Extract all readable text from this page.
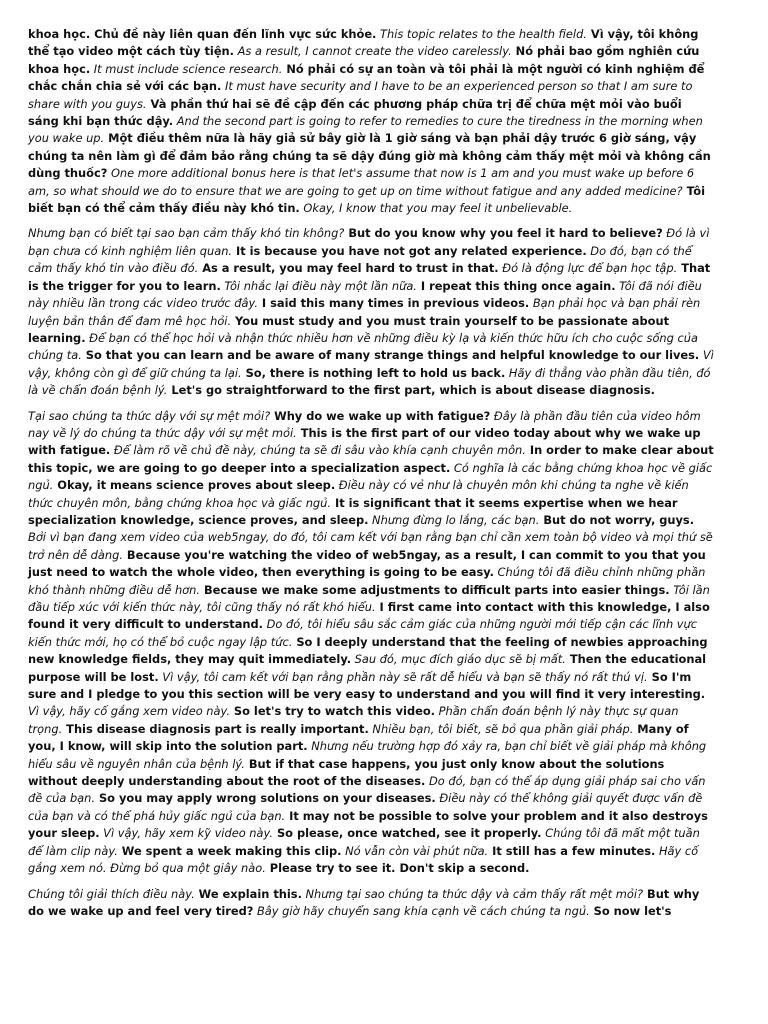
khoa học. Chủ đề này liên quan đến lĩnh vực sức khỏe. This topic relates to the health field. Vì vậy, tôi không thể tạo video một cách tùy tiện. As a result, I cannot create the video carelessly. Nó phải bao gồm nghiên cứu khoa học. It must include science research. Nó phải có sự an toàn và tôi phải là một người có kinh nghiệm để chắc chắn chia sẻ với các bạn. It must have security and I have to be an experienced person so that I am sure to share with you guys. Và phần thứ hai sẽ đề cập đến các phương pháp chữa trị để chữa mệt mỏi vào buổi sáng khi bạn thức dậy. And the second part is going to refer to remedies to cure the tiredness in the morning when you wake up. Một điều thêm nữa là hãy giả sử bây giờ là 1 giờ sáng và bạn phải dậy trước 6 giờ sáng, vậy chúng ta nên làm gì để đảm bảo rằng chúng ta sẽ dậy đúng giờ mà không cảm thấy mệt mỏi và không cần dùng thuốc? One more additional bonus here is that let's assume that now is 1 am and you must wake up before 6 am, so what should we do to ensure that we are going to get up on time without fatigue and any added medicine? Tôi biết bạn có thể cảm thấy điều này khó tin. Okay, I know that you may feel it unbelievable.

Nhưng bạn có biết tại sao bạn cảm thấy khó tin không? But do you know why you feel it hard to believe? Đó là vì bạn chưa có kinh nghiệm liên quan. It is because you have not got any related experience. Do đó, bạn có thể cảm thấy khó tin vào điều đó. As a result, you may feel hard to trust in that. Đó là động lực để bạn học tập. That is the trigger for you to learn. Tôi nhắc lại điều này một lần nữa. I repeat this thing once again. Tôi đã nói điều này nhiều lần trong các video trước đây. I said this many times in previous videos. Bạn phải học và bạn phải rèn luyện bản thân để đam mê học hỏi. You must study and you must train yourself to be passionate about learning. Để bạn có thể học hỏi và nhận thức nhiều hơn về những điều kỳ lạ và kiến thức hữu ích cho cuộc sống của chúng ta. So that you can learn and be aware of many strange things and helpful knowledge to our lives. Vì vậy, không còn gì để giữ chúng ta lại. So, there is nothing left to hold us back. Hãy đi thẳng vào phần đầu tiên, đó là về chẩn đoán bệnh lý. Let's go straightforward to the first part, which is about disease diagnosis.

Tại sao chúng ta thức dậy với sự mệt mỏi? Why do we wake up with fatigue? Đây là phần đầu tiên của video hôm nay về lý do chúng ta thức dậy với sự mệt mỏi. This is the first part of our video today about why we wake up with fatigue. Để làm rõ về chủ đề này, chúng ta sẽ đi sâu vào khía cạnh chuyên môn. In order to make clear about this topic, we are going to go deeper into a specialization aspect. Có nghĩa là các bằng chứng khoa học về giấc ngủ. Okay, it means science proves about sleep. Điều này có vẻ như là chuyên môn khi chúng ta nghe về kiến thức chuyên môn, bằng chứng khoa học và giấc ngủ. It is significant that it seems expertise when we hear specialization knowledge, science proves, and sleep. Nhưng đừng lo lắng, các bạn. But do not worry, guys. Bởi vì bạn đang xem video của web5ngay, do đó, tôi cam kết với bạn rằng bạn chỉ cần xem toàn bộ video và mọi thứ sẽ trở nên dễ dàng. Because you're watching the video of web5ngay, as a result, I can commit to you that you just need to watch the whole video, then everything is going to be easy. Chúng tôi đã điều chỉnh những phần khó thành những điều dễ hơn. Because we make some adjustments to difficult parts into easier things. Tôi lần đầu tiếp xúc với kiến thức này, tôi cũng thấy nó rất khó hiểu. I first came into contact with this knowledge, I also found it very difficult to understand. Do đó, tôi hiểu sâu sắc cảm giác của những người mới tiếp cận các lĩnh vực kiến thức mới, họ có thể bỏ cuộc ngay lập tức. So I deeply understand that the feeling of newbies approaching new knowledge fields, they may quit immediately. Sau đó, mục đích giáo dục sẽ bị mất. Then the educational purpose will be lost. Vì vậy, tôi cam kết với bạn rằng phần này sẽ rất dễ hiểu và bạn sẽ thấy nó rất thú vị. So I'm sure and I pledge to you this section will be very easy to understand and you will find it very interesting. Vì vậy, hãy cố gắng xem video này. So let's try to watch this video. Phần chẩn đoán bệnh lý này thực sự quan trọng. This disease diagnosis part is really important. Nhiều bạn, tôi biết, sẽ bỏ qua phần giải pháp. Many of you, I know, will skip into the solution part. Nhưng nếu trường hợp đó xảy ra, bạn chỉ biết về giải pháp mà không hiểu sâu về nguyên nhân của bệnh lý. But if that case happens, you just only know about the solutions without deeply understanding about the root of the diseases. Do đó, bạn có thể áp dụng giải pháp sai cho vấn đề của bạn. So you may apply wrong solutions on your diseases. Điều này có thể không giải quyết được vấn đề của bạn và có thể phá hủy giấc ngủ của bạn. It may not be possible to solve your problem and it also destroys your sleep. Vì vậy, hãy xem kỹ video này. So please, once watched, see it properly. Chúng tôi đã mất một tuần để làm clip này. We spent a week making this clip. Nó vẫn còn vài phút nữa. It still has a few minutes. Hãy cố gắng xem nó. Đừng bỏ qua một giây nào. Please try to see it. Don't skip a second.

Chúng tôi giải thích điều này. We explain this. Nhưng tại sao chúng ta thức dậy và cảm thấy rất mệt mỏi? But why do we wake up and feel very tired? Bây giờ hãy chuyển sang khía cạnh về cách chúng ta ngủ. So now let's
